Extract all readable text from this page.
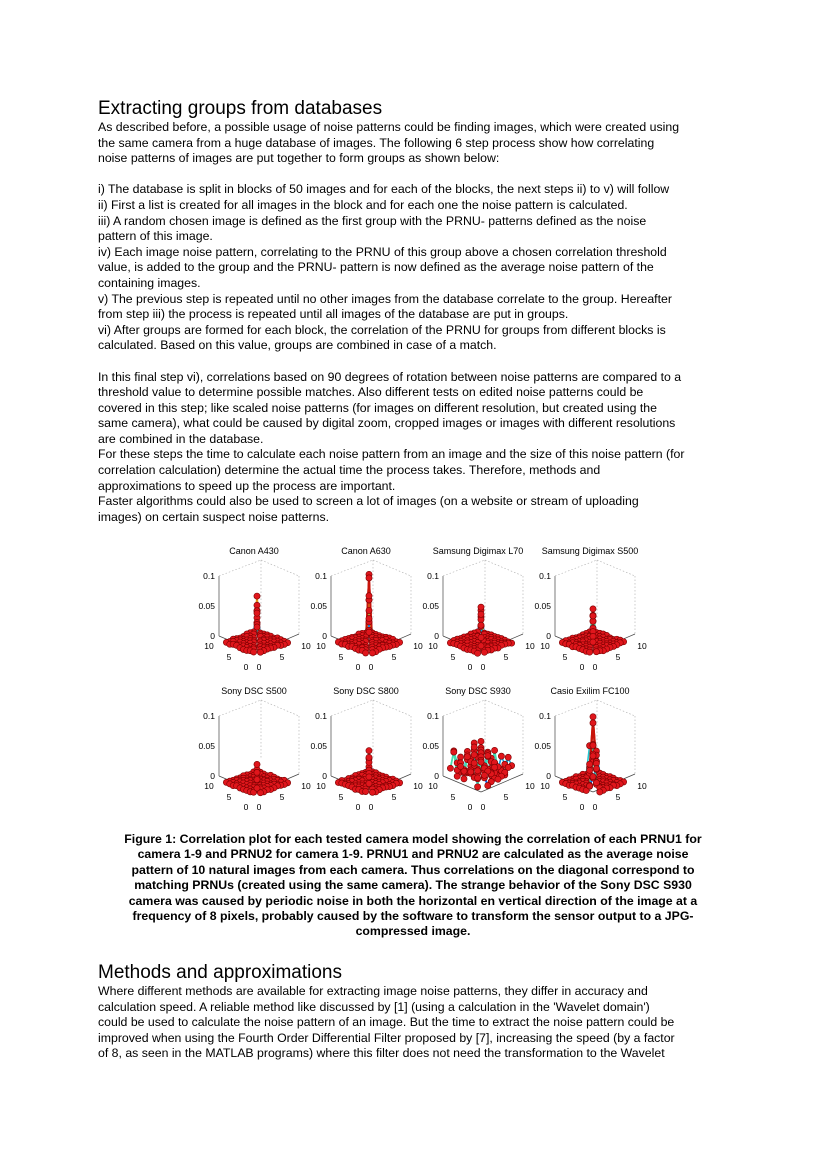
Extracting groups from databases
As described before, a possible usage of noise patterns could be finding images, which were created using
the same camera from a huge database of images. The following 6 step process show how correlating
noise patterns of images are put together to form groups as shown below:
i) The database is split in blocks of 50 images and for each of the blocks, the next steps ii) to v) will follow
ii) First a list is created for all images in the block and for each one the noise pattern is calculated.
iii) A random chosen image is defined as the first group with the PRNU- patterns defined as the noise
pattern of this image.
iv) Each image noise pattern, correlating to the PRNU of this group above a chosen correlation threshold
value, is added to the group and the PRNU- pattern is now defined as the average noise pattern of the
containing images.
v) The previous step is repeated until no other images from the database correlate to the group. Hereafter
from step iii) the process is repeated until all images of the database are put in groups.
vi) After groups are formed for each block, the correlation of the PRNU for groups from different blocks is
calculated. Based on this value, groups are combined in case of a match.
In this final step vi), correlations based on 90 degrees of rotation between noise patterns are compared to a
threshold value to determine possible matches. Also different tests on edited noise patterns could be
covered in this step; like scaled noise patterns (for images on different resolution, but created using the
same camera), what could be caused by digital zoom, cropped images or images with different resolutions
are combined in the database.
For these steps the time to calculate each noise pattern from an image and the size of this noise pattern (for
correlation calculation) determine the actual time the process takes. Therefore, methods and
approximations to speed up the process are important.
Faster algorithms could also be used to screen a lot of images (on a website or stream of uploading
images) on certain suspect noise patterns.
Canon A430
0.1
0.05
0
10
5
0 0
5
10
Canon A630
0.1
0.05
0
10
5
0 0
5
10
Samsung Digimax L70
0.1
0.05
0
10
5
0 0
5
10
Samsung Digimax S500
0.1
0.05
0
10
5
0 0
5
10
Sony DSC S500
0.1
0.05
0
10
5
0 0
5
10
Sony DSC S800
0.1
0.05
0
10
5
0 0
5
10
Sony DSC S930
0.1
0.05
0
10
5
0 0
5
10
Casio Exilim FC100
0.1
0.05
0
10
5
0 0
5
10
Figure 1: Correlation plot for each tested camera model showing the correlation of each PRNU1 for
camera 1-9 and PRNU2 for camera 1-9. PRNU1 and PRNU2 are calculated as the average noise
pattern of 10 natural images from each camera. Thus correlations on the diagonal correspond to
matching PRNUs (created using the same camera). The strange behavior of the Sony DSC S930
camera was caused by periodic noise in both the horizontal en vertical direction of the image at a
frequency of 8 pixels, probably caused by the software to transform the sensor output to a JPG-
compressed image.
Methods and approximations
Where different methods are available for extracting image noise patterns, they differ in accuracy and
calculation speed. A reliable method like discussed by [1] (using a calculation in the 'Wavelet domain')
could be used to calculate the noise pattern of an image. But the time to extract the noise pattern could be
improved when using the Fourth Order Differential Filter proposed by [7], increasing the speed (by a factor
of 8, as seen in the MATLAB programs) where this filter does not need the transformation to the Wavelet
